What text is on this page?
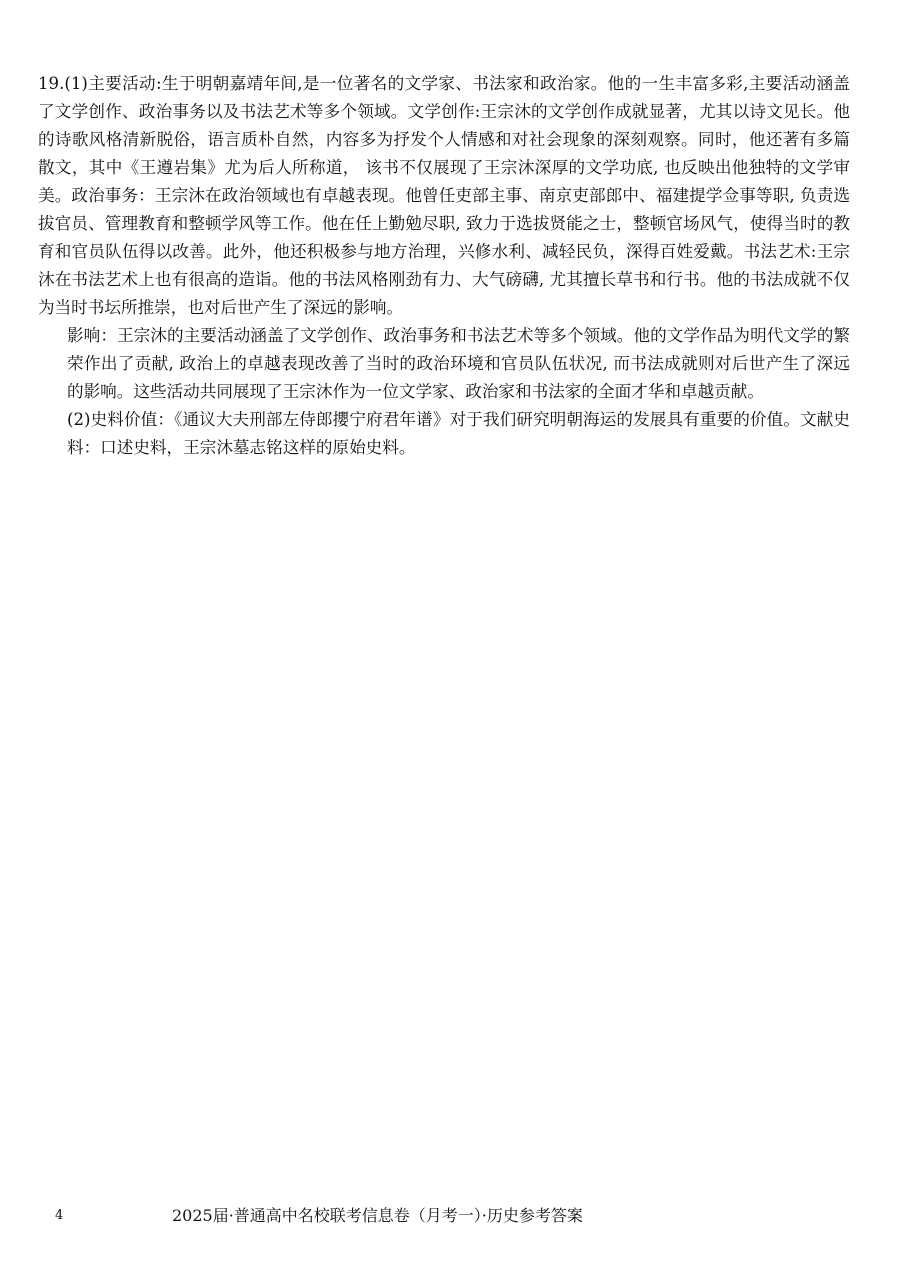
19.(1)主要活动:生于明朝嘉靖年间,是一位著名的文学家、书法家和政治家。他的一生丰富多彩,主要活动涵盖了文学创作、政治事务以及书法艺术等多个领域。文学创作:王宗沐的文学创作成就显著，尤其以诗文见长。他的诗歌风格清新脱俗，语言质朴自然，内容多为抒发个人情感和对社会现象的深刻观察。同时，他还著有多篇散文，其中《王遵岩集》尤为后人所称道， 该书不仅展现了王宗沐深厚的文学功底, 也反映出他独特的文学审美。政治事务：王宗沐在政治领域也有卓越表现。他曾任吏部主事、南京吏部郎中、福建提学佥事等职, 负责选拔官员、管理教育和整顿学风等工作。他在任上勤勉尽职, 致力于选拔贤能之士，整顿官场风气，使得当时的教育和官员队伍得以改善。此外，他还积极参与地方治理，兴修水利、减轻民负，深得百姓爱戴。书法艺术:王宗沐在书法艺术上也有很高的造诣。他的书法风格刚劲有力、大气磅礴, 尤其擅长草书和行书。他的书法成就不仅为当时书坛所推崇，也对后世产生了深远的影响。

影响：王宗沐的主要活动涵盖了文学创作、政治事务和书法艺术等多个领域。他的文学作品为明代文学的繁荣作出了贡献, 政治上的卓越表现改善了当时的政治环境和官员队伍状况, 而书法成就则对后世产生了深远的影响。这些活动共同展现了王宗沐作为一位文学家、政治家和书法家的全面才华和卓越贡献。

(2)史料价值：《通议大夫刑部左侍郎攖宁府君年谱》对于我们研究明朝海运的发展具有重要的价值。文献史料：口述史料，王宗沐墓志铭这样的原始史料。

4	2025届·普通高中名校联考信息卷（月考一）·历史参考答案
